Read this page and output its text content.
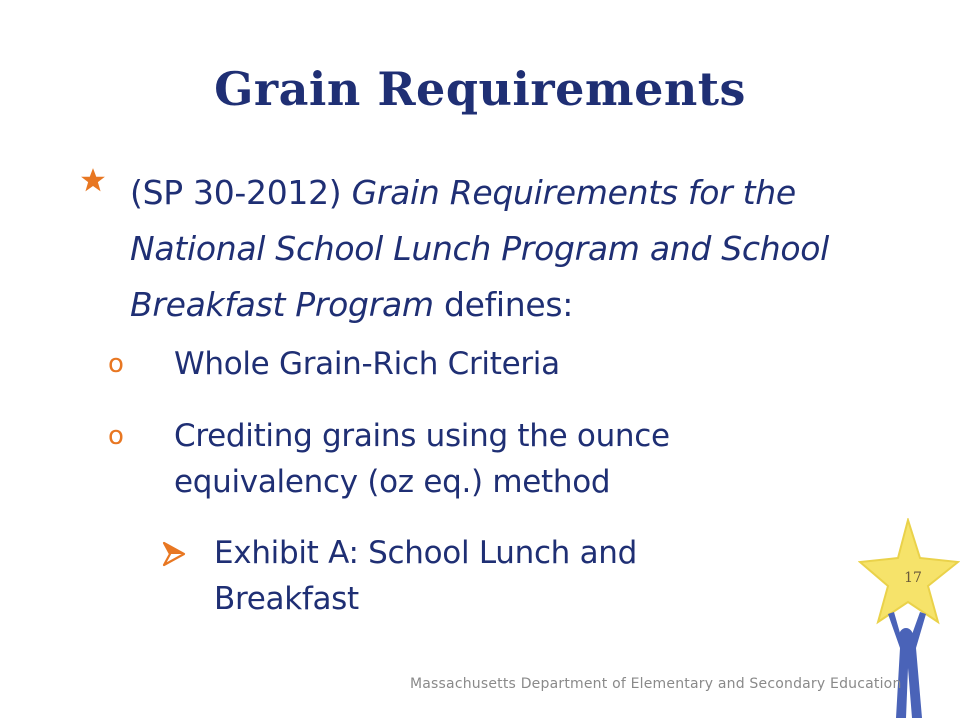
Grain Requirements
(SP 30-2012) Grain Requirements for the National School Lunch Program and School Breakfast Program defines:
o Whole Grain-Rich Criteria
o Crediting grains using the ounce equivalency (oz eq.) method
Exhibit A: School Lunch and Breakfast
17
Massachusetts Department of Elementary and Secondary Education
